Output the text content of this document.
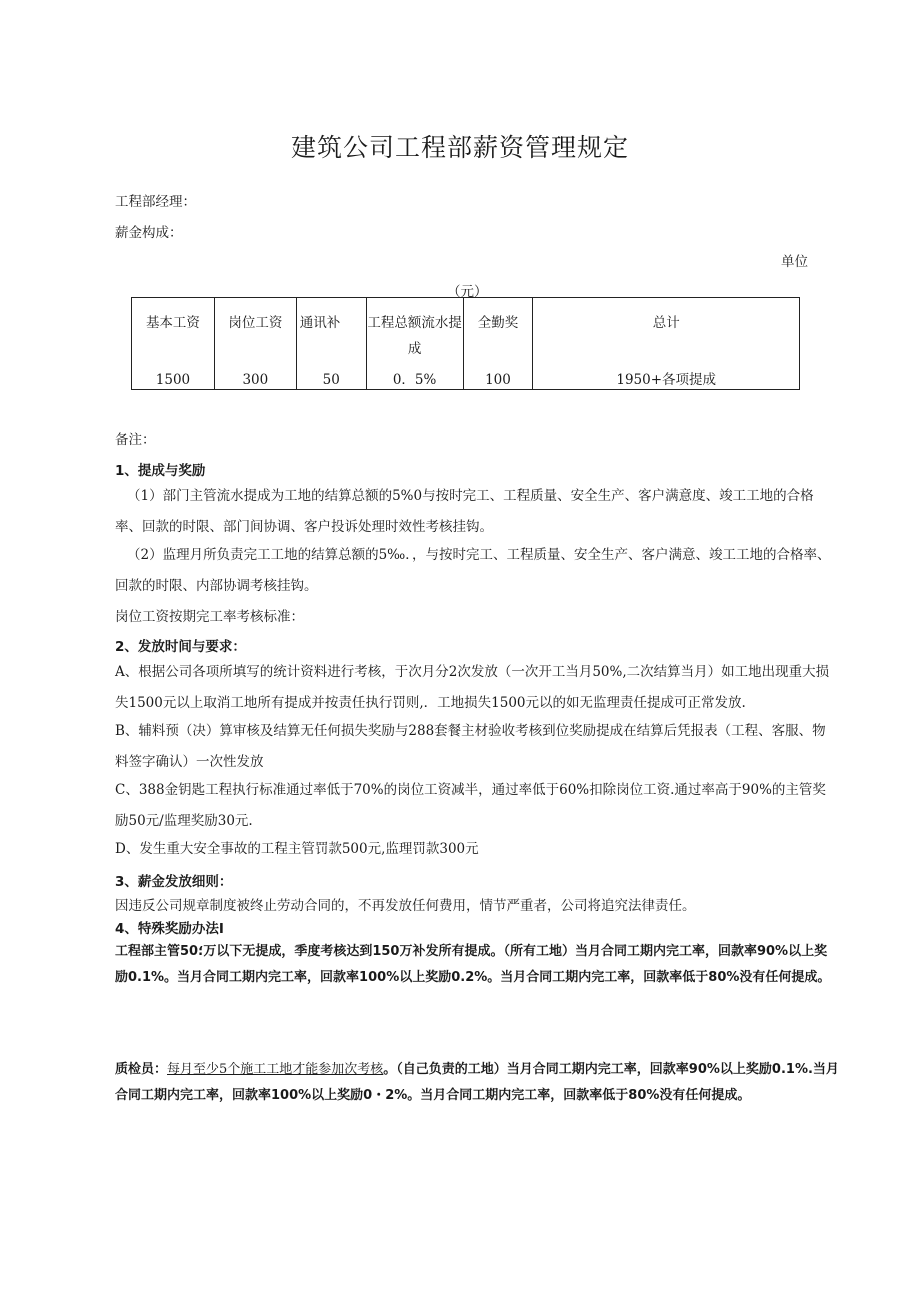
建筑公司工程部薪资管理规定
工程部经理：
薪金构成：
单位
（元）
基本工资	岗位工资	通讯补	工程总额流水提成	全勤奖	总计
1500	300	50	0．5%	100	1950+各项提成
备注：
1、提成与奖励
（1）部门主管流水提成为工地的结算总额的5%0与按时完工、工程质量、安全生产、客户满意度、竣工工地的合格率、回款的时限、部门间协调、客户投诉处理时效性考核挂钩。
（2）监理月所负责完工工地的结算总额的5‰．，与按时完工、工程质量、安全生产、客户满意、竣工工地的合格率、回款的时限、内部协调考核挂钩。
岗位工资按期完工率考核标准：
2、发放时间与要求：
A、根据公司各项所填写的统计资料进行考核，于次月分2次发放（一次开工当月50%,二次结算当月）如工地出现重大损失1500元以上取消工地所有提成并按责任执行罚则,．工地损失1500元以的如无监理责任提成可正常发放.
B、辅料预（决）算审核及结算无任何损失奖励与288套餐主材验收考核到位奖励提成在结算后凭报表（工程、客服、物料签字确认）一次性发放
C、388金钥匙工程执行标准通过率低于70%的岗位工资减半，通过率低于60%扣除岗位工资.通过率高于90%的主管奖励50元/监理奖励30元.
D、发生重大安全事故的工程主管罚款500元,监理罚款300元
3、薪金发放细则：
因违反公司规章制度被终止劳动合同的，不再发放任何费用，情节严重者，公司将追究法律责任。
4、特殊奖励办法I
工程部主管؛50万以下无提成，季度考核达到150万补发所有提成。（所有工地）当月合同工期内完工率，回款率90%以上奖励0.1%。当月合同工期内完工率，回款率100%以上奖励0.2%。当月合同工期内完工率，回款率低于80%没有任何提成。
质检员：每月至少5个施工工地才能参加次考核。（自己负责的工地）当月合同工期内完工率，回款率90%以上奖励0.1%.当月合同工期内完工率，回款率100%以上奖励0・2%。当月合同工期内完工率，回款率低于80%没有任何提成。
